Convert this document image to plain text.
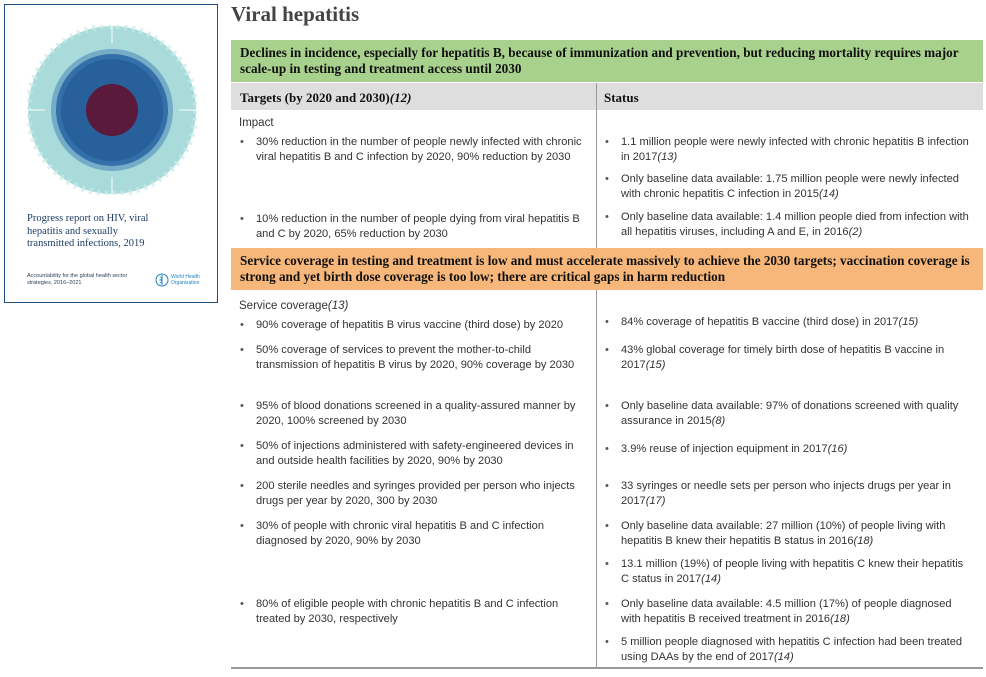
Progress report on HIV, viral hepatitis and sexually transmitted infections, 2019
Accountability for the global health sector strategies, 2016–2021
World Health Organization
Viral hepatitis
Declines in incidence, especially for hepatitis B, because of immunization and prevention, but reducing mortality requires major scale-up in testing and treatment access until 2030
Targets (by 2020 and 2030)(12)	Status
Impact
• 30% reduction in the number of people newly infected with chronic viral hepatitis B and C infection by 2020, 90% reduction by 2030
• 10% reduction in the number of people dying from viral hepatitis B and C by 2020, 65% reduction by 2030
• 1.1 million people were newly infected with chronic hepatitis B infection in 2017(13)
• Only baseline data available: 1.75 million people were newly infected with chronic hepatitis C infection in 2015(14)
• Only baseline data available: 1.4 million people died from infection with all hepatitis viruses, including A and E, in 2016(2)
Service coverage in testing and treatment is low and must accelerate massively to achieve the 2030 targets; vaccination coverage is strong and yet birth dose coverage is too low; there are critical gaps in harm reduction
Service coverage(13)
• 90% coverage of hepatitis B virus vaccine (third dose) by 2020
• 50% coverage of services to prevent the mother-to-child transmission of hepatitis B virus by 2020, 90% coverage by 2030
• 95% of blood donations screened in a quality-assured manner by 2020, 100% screened by 2030
• 50% of injections administered with safety-engineered devices in and outside health facilities by 2020, 90% by 2030
• 200 sterile needles and syringes provided per person who injects drugs per year by 2020, 300 by 2030
• 30% of people with chronic viral hepatitis B and C infection diagnosed by 2020, 90% by 2030
• 80% of eligible people with chronic hepatitis B and C infection treated by 2030, respectively
• 84% coverage of hepatitis B vaccine (third dose) in 2017(15)
• 43% global coverage for timely birth dose of hepatitis B vaccine in 2017(15)
• Only baseline data available: 97% of donations screened with quality assurance in 2015(8)
• 3.9% reuse of injection equipment in 2017(16)
• 33 syringes or needle sets per person who injects drugs per year in 2017(17)
• Only baseline data available: 27 million (10%) of people living with hepatitis B knew their hepatitis B status in 2016(18)
• 13.1 million (19%) of people living with hepatitis C knew their hepatitis C status in 2017(14)
• Only baseline data available: 4.5 million (17%) of people diagnosed with hepatitis B received treatment in 2016(18)
• 5 million people diagnosed with hepatitis C infection had been treated using DAAs by the end of 2017(14)
